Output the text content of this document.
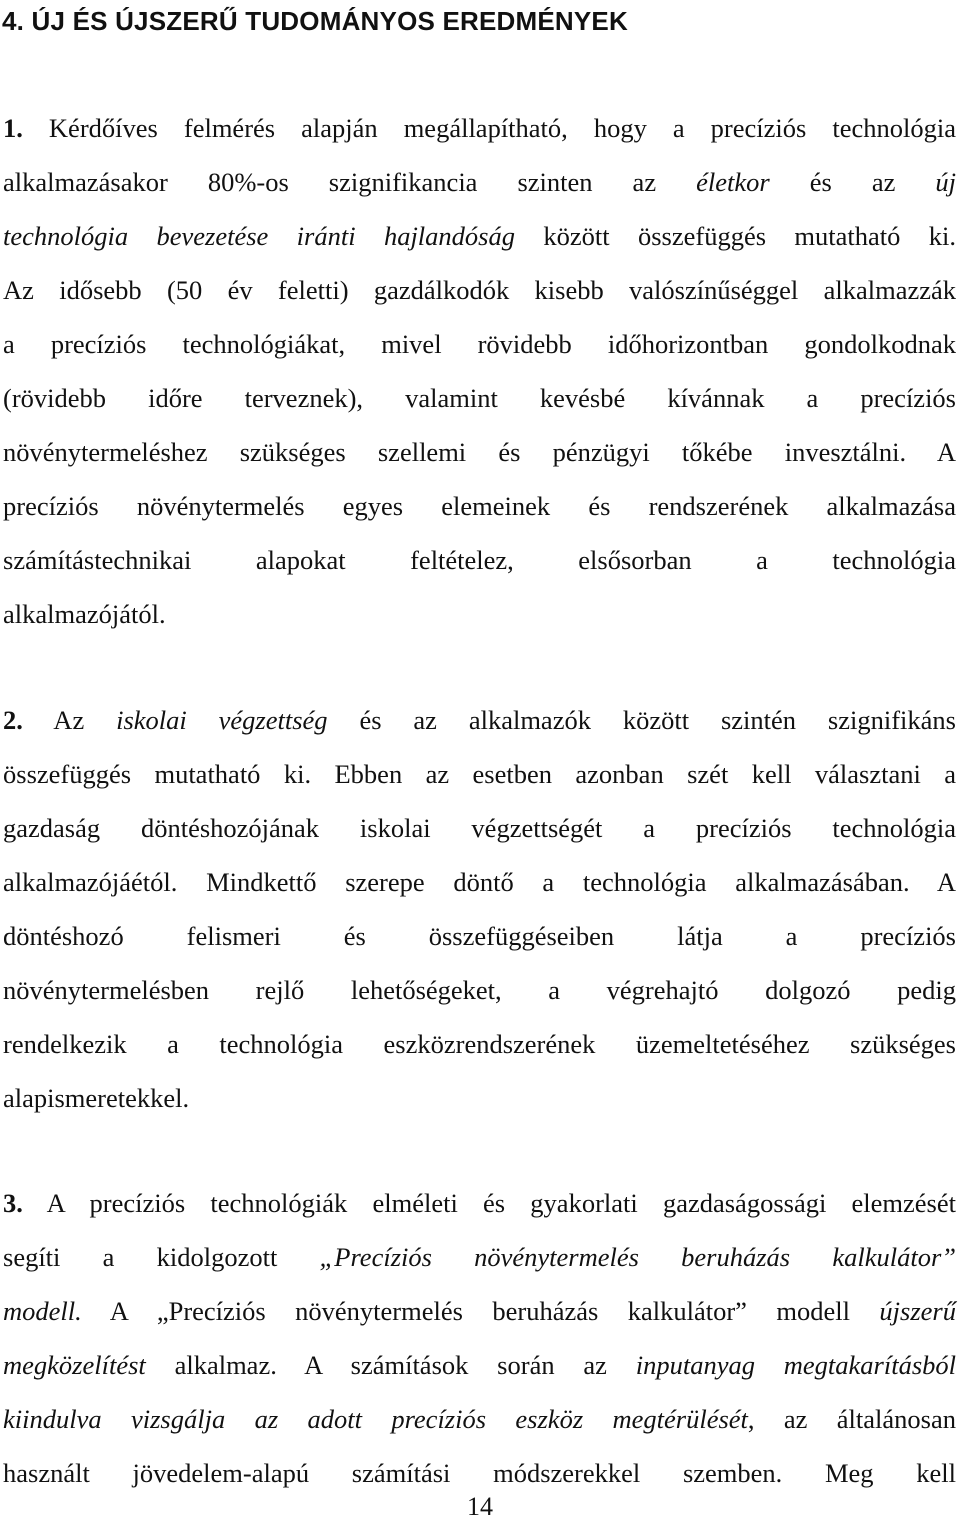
4. ÚJ ÉS ÚJSZERŰ TUDOMÁNYOS EREDMÉNYEK
1. Kérdőíves felmérés alapján megállapítható, hogy a precíziós technológia
alkalmazásakor 80%-os szignifikancia szinten az életkor és az új
technológia bevezetése iránti hajlandóság között összefüggés mutatható ki.
Az idősebb (50 év feletti) gazdálkodók kisebb valószínűséggel alkalmazzák
a precíziós technológiákat, mivel rövidebb időhorizontban gondolkodnak
(rövidebb időre terveznek), valamint kevésbé kívánnak a precíziós
növénytermeléshez szükséges szellemi és pénzügyi tőkébe invesztálni. A
precíziós növénytermelés egyes elemeinek és rendszerének alkalmazása
számítástechnikai alapokat feltételez, elsősorban a technológia
alkalmazójától.
2. Az iskolai végzettség és az alkalmazók között szintén szignifikáns
összefüggés mutatható ki. Ebben az esetben azonban szét kell választani a
gazdaság döntéshozójának iskolai végzettségét a precíziós technológia
alkalmazójáétól. Mindkettő szerepe döntő a technológia alkalmazásában. A
döntéshozó felismeri és összefüggéseiben látja a precíziós
növénytermelésben rejlő lehetőségeket, a végrehajtó dolgozó pedig
rendelkezik a technológia eszközrendszerének üzemeltetéséhez szükséges
alapismeretekkel.
3. A precíziós technológiák elméleti és gyakorlati gazdaságossági elemzését
segíti a kidolgozott „Precíziós növénytermelés beruházás kalkulátor”
modell. A „Precíziós növénytermelés beruházás kalkulátor” modell újszerű
megközelítést alkalmaz. A számítások során az inputanyag megtakarításból
kiindulva vizsgálja az adott precíziós eszköz megtérülését, az általánosan
használt jövedelem-alapú számítási módszerekkel szemben. Meg kell
14
